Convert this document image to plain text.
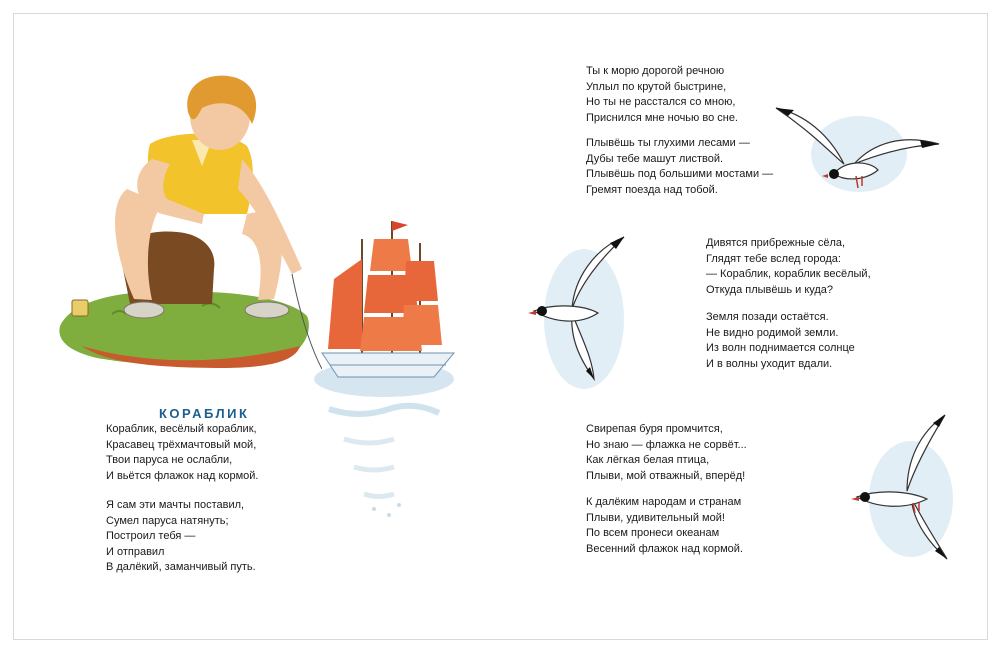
КОРАБЛИК
Кораблик, весёлый кораблик,
Красавец трёхмачтовый мой,
Твои паруса не ослабли,
И вьётся флажок над кормой.
Я сам эти мачты поставил,
Сумел паруса натянуть;
Построил тебя —
И отправил
В далёкий, заманчивый путь.
Ты к морю дорогой речною
Уплыл по крутой быстрине,
Но ты не расстался со мною,
Приснился мне ночью во сне.
Плывёшь ты глухими лесами —
Дубы тебе машут листвой.
Плывёшь под большими мостами —
Гремят поезда над тобой.
Дивятся прибрежные сёла,
Глядят тебе вслед города:
— Кораблик, кораблик весёлый,
Откуда плывёшь и куда?
Земля позади остаётся.
Не видно родимой земли.
Из волн поднимается солнце
И в волны уходит вдали.
Свирепая буря промчится,
Но знаю — флажка не сорвёт...
Как лёгкая белая птица,
Плыви, мой отважный, вперёд!
К далёким народам и странам
Плыви, удивительный мой!
По всем пронеси океанам
Весенний флажок над кормой.
